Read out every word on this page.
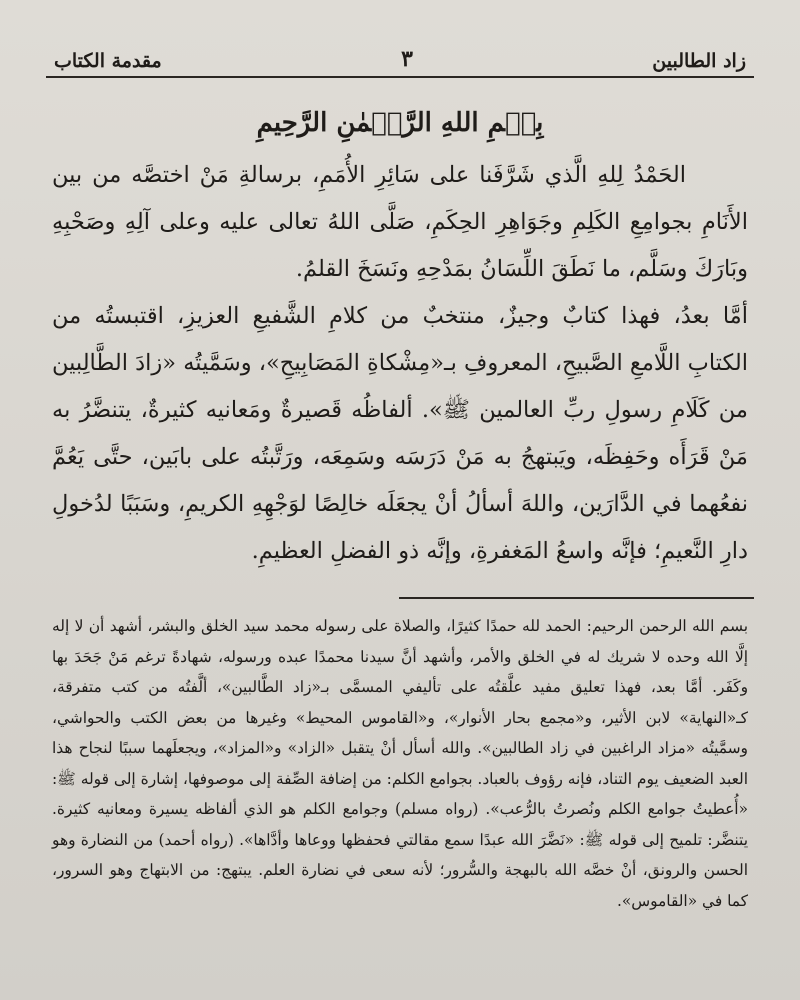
زاد الطالبين
٣
مقدمة الكتاب
بِسۡمِ اللهِ الرَّحۡمٰنِ الرَّحِيمِ

الحَمْدُ لِلهِ الَّذي شَرَّفَنا على سَائِرِ الأُمَمِ، برسالةِ مَنْ اختصَّه من بين الأَنَامِ بجوامِعِ الكَلِمِ وجَوَاهِرِ الحِكَمِ، صَلَّى اللهُ تعالى عليه وعلى آلِهِ وصَحْبِهِ وبَارَكَ وسَلَّم، ما نَطَقَ اللِّسَانُ بمَدْحِهِ ونَسَخَ القلمُ.

أمَّا بعدُ، فهذا كتابٌ وجيزٌ، منتخبٌ من كلامِ الشَّفيعِ العزيزِ، اقتبستُه من الكتابِ اللَّامعِ الصَّبيحِ، المعروفِ بـ«مِشْكاةِ المَصَابِيحِ»، وسَمَّيتُه «زادَ الطَّالِبين من كَلَامِ رسولِ ربِّ العالمين ﷺ». ألفاظُه قَصيرةٌ ومَعانيه كثيرةٌ، يتنضَّرُ به مَنْ قَرَأَه وحَفِظَه، ويَبتهجُ به مَنْ دَرَسَه وسَمِعَه، ورَتَّبتُه على بابَين، حتَّى يَعُمَّ نفعُهما في الدَّارَين، واللهَ أسألُ أنْ يجعَلَه خالِصًا لوَجْهِهِ الكريمِ، وسَبَبًا لدُخولِ دارِ النَّعيمِ؛ فإنَّه واسعُ المَغفرةِ، وإنَّه ذو الفضلِ العظيمِ.

بسم الله الرحمن الرحيم: الحمد لله حمدًا كثيرًا، والصلاة على رسوله محمد سيد الخلق والبشر، أشهد أن لا إله إلَّا الله وحده لا شريك له في الخلق والأمر، وأشهد أنَّ سيدنا محمدًا عبده ورسوله، شهادةً ترغم مَنْ جَحَدَ بها وكَفَر. أمَّا بعد، فهذا تعليق مفيد علَّقتُه على تأليفي المسمَّى بـ«زاد الطَّالبين»، ألَّفتُه من كتب متفرقة، كـ«النهاية» لابن الأثير، و«مجمع بحار الأنوار»، و«القاموس المحيط» وغيرها من بعض الكتب والحواشي، وسمَّيتُه «مزاد الراغبين في زاد الطالبين». والله أسأل أنْ يتقبل «الزاد» و«المزاد»، ويجعلَهما سببًا لنجاح هذا العبد الضعيف يوم التناد، فإنه رؤوف بالعباد. بجوامع الكلم: من إضافة الصِّفة إلى موصوفها، إشارة إلى قوله ﷺ: «أُعطيتُ جوامع الكلم ونُصرتُ بالرُّعب». (رواه مسلم) وجوامع الكلم هو الذي ألفاظه يسيرة ومعانيه كثيرة. يتنضَّر: تلميح إلى قوله ﷺ: «نَضَّرَ الله عبدًا سمع مقالتي فحفظها ووعاها وأدَّاها». (رواه أحمد) من النضارة وهو الحسن والرونق، أنْ خصَّه الله بالبهجة والسُّرور؛ لأنه سعى في نضارة العلم. يبتهج: من الابتهاج وهو السرور، كما في «القاموس».
